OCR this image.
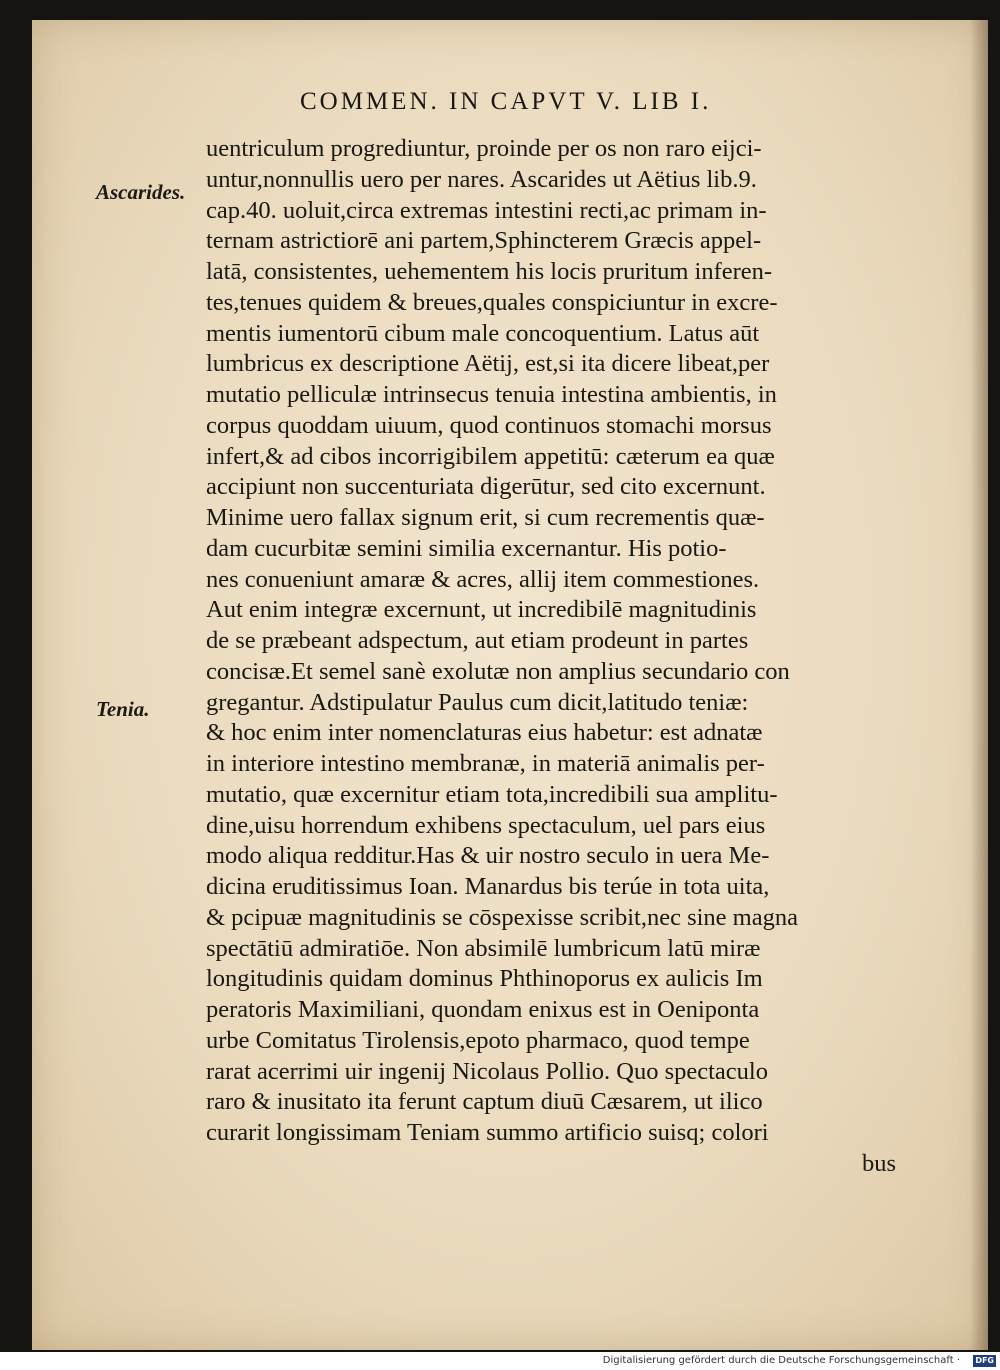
COMMEN. IN CAPVT V. LIB I.
Ascarides.
Tenia.
uentriculum progrediuntur, proinde per os non raro eijci-
untur,nonnullis uero per nares. Ascarides ut Aëtius lib.9.
cap.40. uoluit,circa extremas intestini recti,ac primam in-
ternam astrictiorē ani partem,Sphincterem Græcis appel-
latā, consistentes, uehementem his locis pruritum inferen-
tes,tenues quidem & breues,quales conspiciuntur in excre-
mentis iumentorū cibum male concoquentium. Latus aūt
lumbricus ex descriptione Aëtij, est,si ita dicere libeat,per
mutatio pelliculæ intrinsecus tenuia intestina ambientis, in
corpus quoddam uiuum, quod continuos stomachi morsus
infert,& ad cibos incorrigibilem appetitū: cæterum ea quæ
accipiunt non succenturiata digerūtur, sed cito excernunt.
Minime uero fallax signum erit, si cum recrementis quæ-
dam cucurbitæ semini similia excernantur. His potio-
nes conueniunt amaræ & acres, allij item commestiones.
Aut enim integræ excernunt, ut incredibilē magnitudinis
de se præbeant adspectum, aut etiam prodeunt in partes
concisæ.Et semel sanè exolutæ non amplius secundario con
gregantur. Adstipulatur Paulus cum dicit,latitudo teniæ:
& hoc enim inter nomenclaturas eius habetur: est adnatæ
in interiore intestino membranæ, in materiā animalis per-
mutatio, quæ excernitur etiam tota,incredibili sua amplitu-
dine,uisu horrendum exhibens spectaculum, uel pars eius
modo aliqua redditur.Has & uir nostro seculo in uera Me-
dicina eruditissimus Ioan. Manardus bis terúe in tota uita,
& pcipuæ magnitudinis se cōspexisse scribit,nec sine magna
spectātiū admiratiōe. Non absimilē lumbricum latū miræ
longitudinis quidam dominus Phthinoporus ex aulicis Im
peratoris Maximiliani, quondam enixus est in Oeniponta
urbe Comitatus Tirolensis,epoto pharmaco, quod tempe
rarat acerrimi uir ingenij Nicolaus Pollio. Quo spectaculo
raro & inusitato ita ferunt captum diuū Cæsarem, ut ilico
curarit longissimam Teniam summo artificio suisq; colori
bus
Digitalisierung gefördert durch die Deutsche Forschungsgemeinschaft · DFG
